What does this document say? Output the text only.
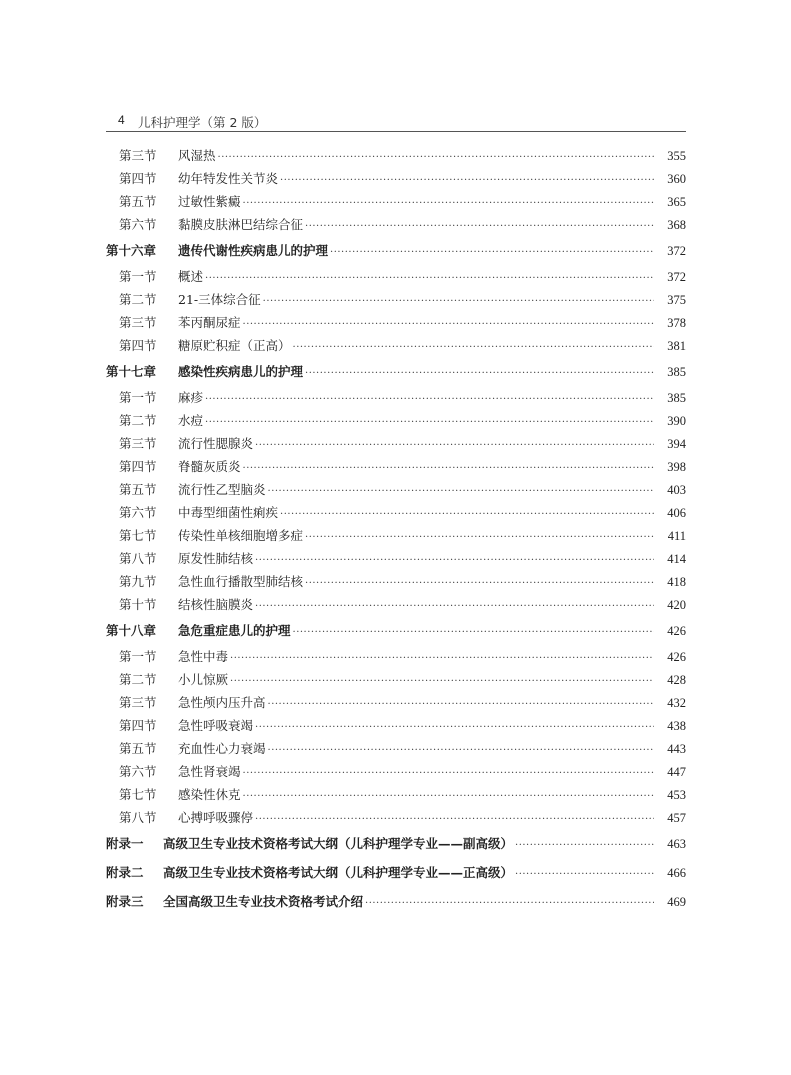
4 儿科护理学（第 2 版）
第三节	风湿热 ·····	355
第四节	幼年特发性关节炎 ·····	360
第五节	过敏性紫癜 ·····	365
第六节	黏膜皮肤淋巴结综合征 ·····	368
第十六章	遗传代谢性疾病患儿的护理 ·····	372
第一节	概述 ·····	372
第二节	21-三体综合征 ·····	375
第三节	苯丙酮尿症 ·····	378
第四节	糖原贮积症（正高） ·····	381
第十七章	感染性疾病患儿的护理 ·····	385
第一节	麻疹 ·····	385
第二节	水痘 ·····	390
第三节	流行性腮腺炎 ·····	394
第四节	脊髓灰质炎 ·····	398
第五节	流行性乙型脑炎 ·····	403
第六节	中毒型细菌性痢疾 ·····	406
第七节	传染性单核细胞增多症 ·····	411
第八节	原发性肺结核 ·····	414
第九节	急性血行播散型肺结核 ·····	418
第十节	结核性脑膜炎 ·····	420
第十八章	急危重症患儿的护理 ·····	426
第一节	急性中毒 ·····	426
第二节	小儿惊厥 ·····	428
第三节	急性颅内压升高 ·····	432
第四节	急性呼吸衰竭 ·····	438
第五节	充血性心力衰竭 ·····	443
第六节	急性肾衰竭 ·····	447
第七节	感染性休克 ·····	453
第八节	心搏呼吸骤停 ·····	457
附录一	高级卫生专业技术资格考试大纲（儿科护理学专业——副高级） ·····	463
附录二	高级卫生专业技术资格考试大纲（儿科护理学专业——正高级） ·····	466
附录三	全国高级卫生专业技术资格考试介绍 ·····	469
